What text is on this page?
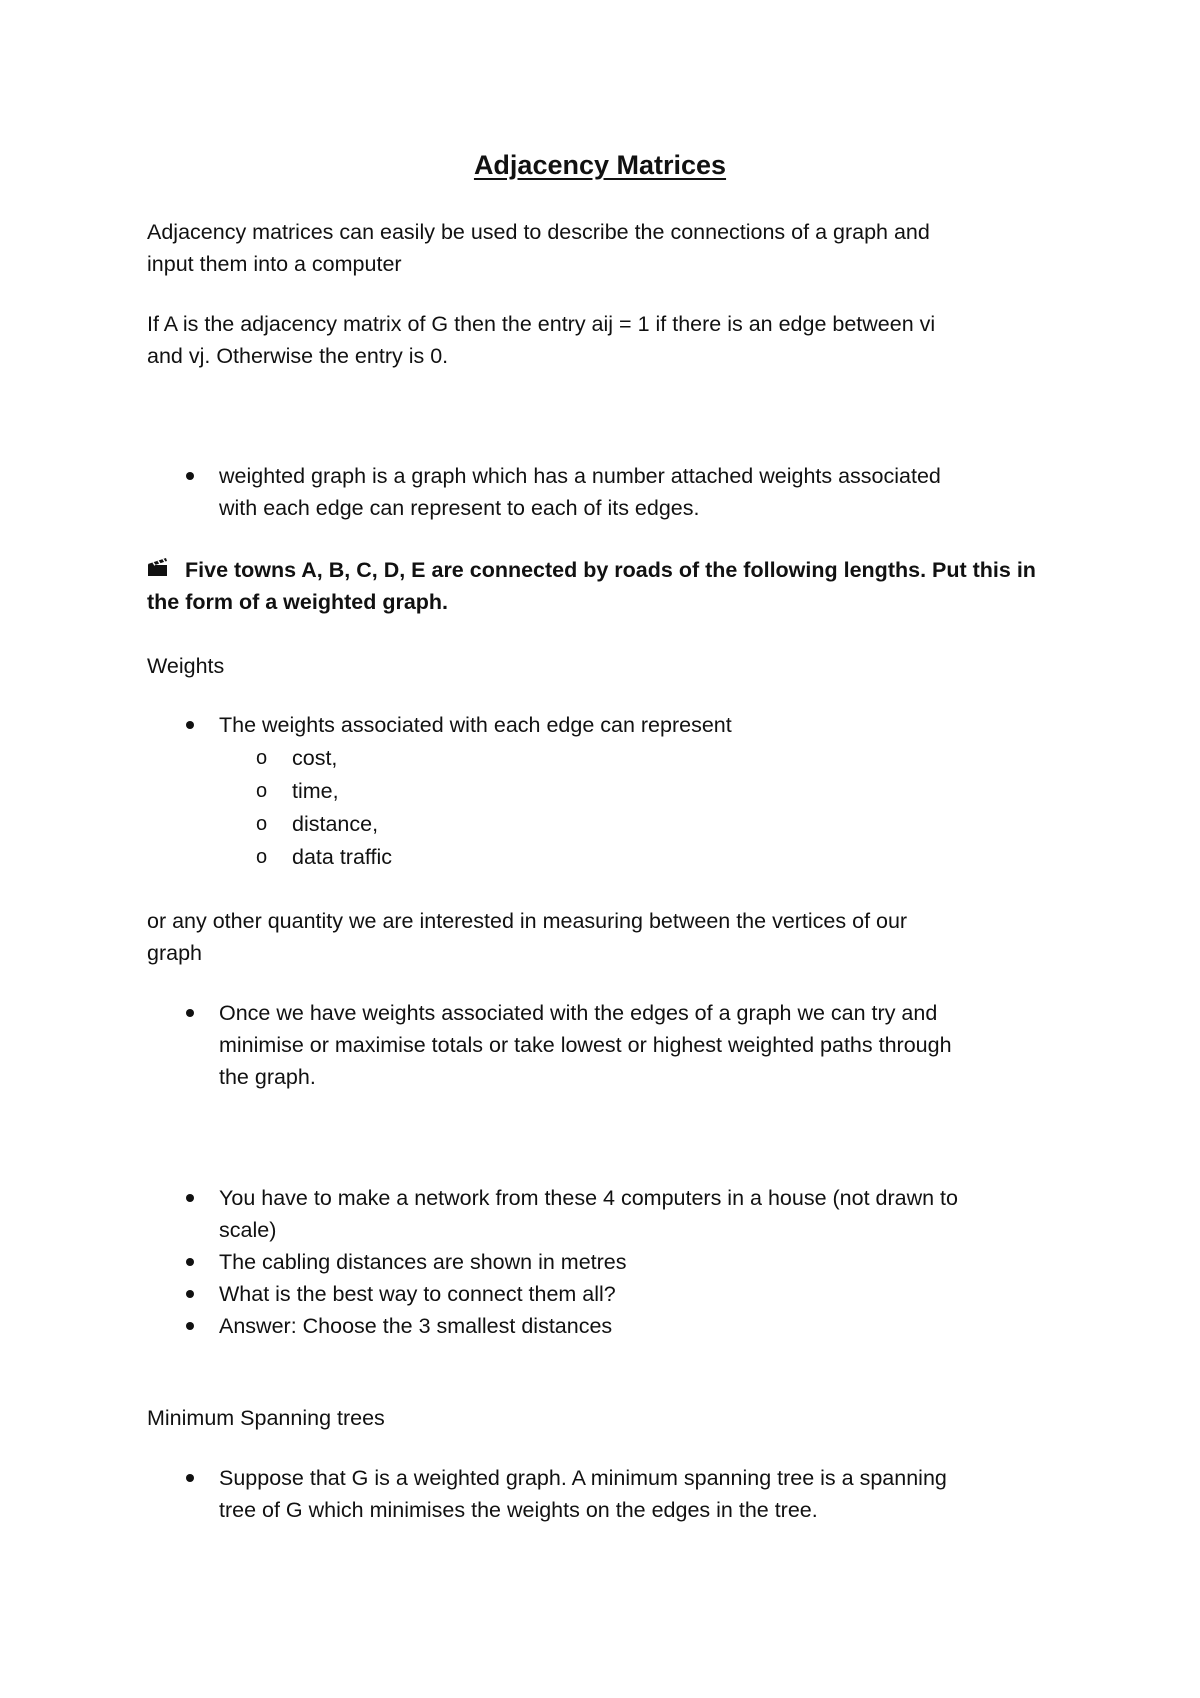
Adjacency Matrices

Adjacency matrices can easily be used to describe the connections of a graph and

input them into a computer

If A is the adjacency matrix of G then the entry aij = 1 if there is an edge between vi

and vj. Otherwise the entry is 0.

weighted graph is a graph which has a number attached weights associated

with each edge can represent to each of its edges.

Five towns A, B, C, D, E are connected by roads of the following lengths. Put this in

the form of a weighted graph.

Weights

The weights associated with each edge can represent

o cost,

o time,

o distance,

o data traffic

or any other quantity we are interested in measuring between the vertices of our

graph

Once we have weights associated with the edges of a graph we can try and

minimise or maximise totals or take lowest or highest weighted paths through

the graph.

You have to make a network from these 4 computers in a house (not drawn to

scale)

The cabling distances are shown in metres

What is the best way to connect them all?

Answer: Choose the 3 smallest distances

Minimum Spanning trees

Suppose that G is a weighted graph. A minimum spanning tree is a spanning

tree of G which minimises the weights on the edges in the tree.
